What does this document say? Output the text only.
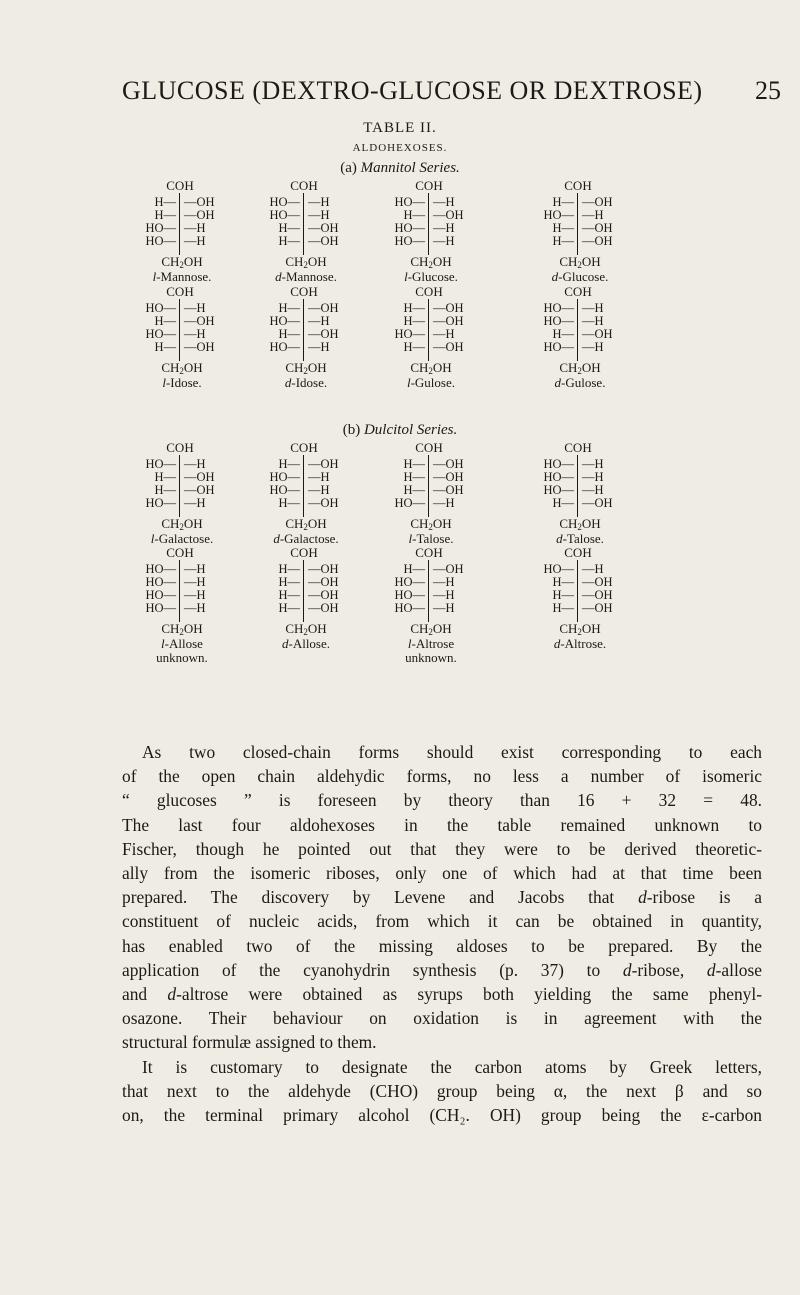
GLUCOSE (DEXTRO-GLUCOSE OR DEXTROSE)	25
TABLE II.
ALDOHEXOSES.
(a) Mannitol Series.
(b) Dulcitol Series.
COH
H— —OH
H— —OH
HO— —H
HO— —H
$CH_2OH$
l-Mannose.
COH
HO— —H
HO— —H
H— —OH
H— —OH
$CH_2OH$
d-Mannose.
COH
HO— —H
H— —OH
HO— —H
HO— —H
$CH_2OH$
l-Glucose.
COH
H— —OH
HO— —H
H— —OH
H— —OH
$CH_2OH$
d-Glucose.
COH
HO— —H
H— —OH
HO— —H
H— —OH
$CH_2OH$
l-Idose.
COH
H— —OH
HO— —H
H— —OH
HO— —H
$CH_2OH$
d-Idose.
COH
H— —OH
H— —OH
HO— —H
H— —OH
$CH_2OH$
l-Gulose.
COH
HO— —H
HO— —H
H— —OH
HO— —H
$CH_2OH$
d-Gulose.
COH
HO— —H
H— —OH
H— —OH
HO— —H
$CH_2OH$
l-Galactose.
COH
H— —OH
HO— —H
HO— —H
H— —OH
$CH_2OH$
d-Galactose.
COH
H— —OH
H— —OH
H— —OH
HO— —H
$CH_2OH$
l-Talose.
COH
HO— —H
HO— —H
HO— —H
H— —OH
$CH_2OH$
d-Talose.
COH
HO— —H
HO— —H
HO— —H
HO— —H
$CH_2OH$
l-Allose
unknown.
COH
H— —OH
H— —OH
H— —OH
H— —OH
$CH_2OH$
d-Allose.
COH
H— —OH
HO— —H
HO— —H
HO— —H
$CH_2OH$
l-Altrose
unknown.
COH
HO— —H
H— —OH
H— —OH
H— —OH
$CH_2OH$
d-Altrose.
As two closed-chain forms should exist corresponding to each
of the open chain aldehydic forms, no less a number of isomeric
“ glucoses ” is foreseen by theory than 16 + 32 = 48.
The last four aldohexoses in the table remained unknown to
Fischer, though he pointed out that they were to be derived theoretic-
ally from the isomeric riboses, only one of which had at that time been
prepared. The discovery by Levene and Jacobs that d-ribose is a
constituent of nucleic acids, from which it can be obtained in quantity,
has enabled two of the missing aldoses to be prepared. By the
application of the cyanohydrin synthesis (p. 37) to d-ribose, d-allose
and d-altrose were obtained as syrups both yielding the same phenyl-
osazone. Their behaviour on oxidation is in agreement with the
structural formulæ assigned to them.
It is customary to designate the carbon atoms by Greek letters,
that next to the aldehyde (CHO) group being α, the next β and so
on, the terminal primary alcohol (CH₂. OH) group being the ε-carbon
